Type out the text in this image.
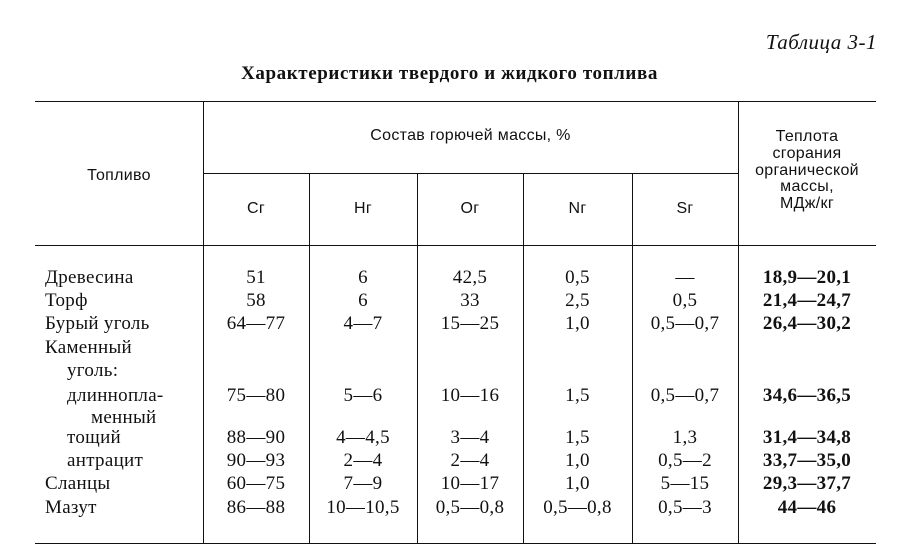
Таблица 3-1
Характеристики твердого и жидкого топлива
Топливо
Состав горючей массы, %	Теплота
сгорания
органической
массы,
МДж/кг
Cг	Hг	Oг	Nг	Sг
Древесина	51	6	42,5	0,5	—	18,9—20,1
Торф	58	6	33	2,5	0,5	21,4—24,7
Бурый уголь	64—77	4—7	15—25	1,0	0,5—0,7	26,4—30,2
Каменный
уголь:
длиннопла-	75—80	5—6	10—16	1,5	0,5—0,7	34,6—36,5
менный
тощий	88—90	4—4,5	3—4	1,5	1,3	31,4—34,8
антрацит	90—93	2—4	2—4	1,0	0,5—2	33,7—35,0
Сланцы	60—75	7—9	10—17	1,0	5—15	29,3—37,7
Мазут	86—88	10—10,5	0,5—0,8	0,5—0,8	0,5—3	44—46
